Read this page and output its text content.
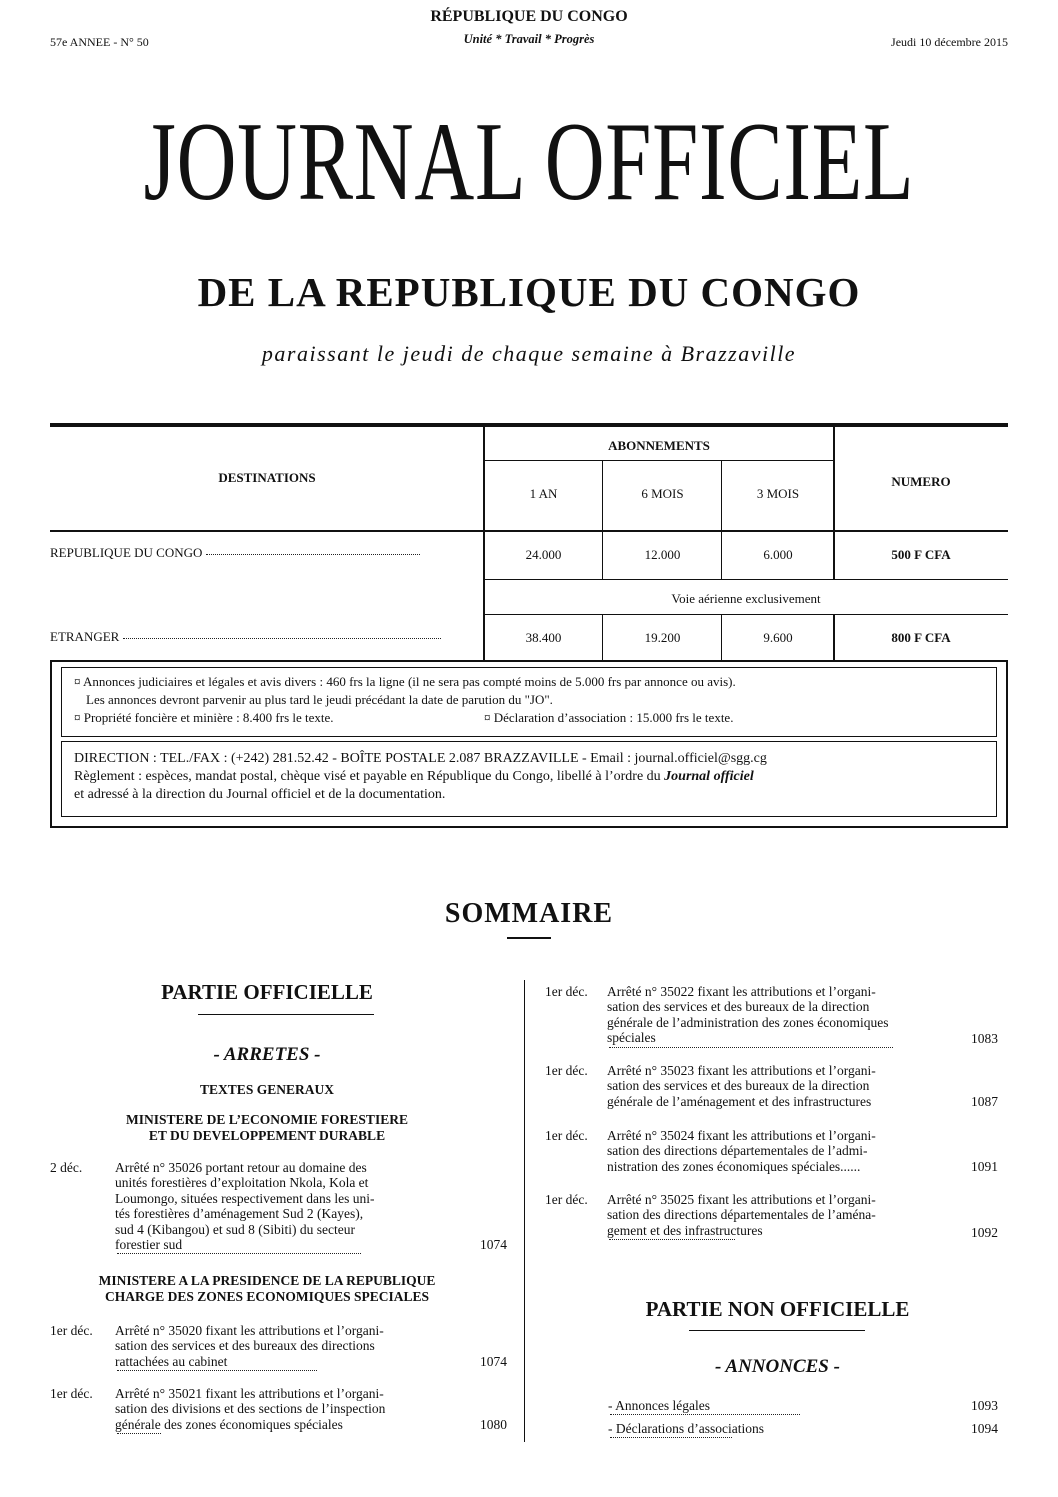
RÉPUBLIQUE DU CONGO
Unité * Travail * Progrès
57e ANNEE - N° 50	Jeudi 10 décembre 2015
JOURNAL OFFICIEL
DE LA REPUBLIQUE DU CONGO
paraissant le jeudi de chaque semaine à Brazzaville
DESTINATIONS
ABONNEMENTS
NUMERO
1 AN	6 MOIS	3 MOIS
REPUBLIQUE DU CONGO	24.000	12.000	6.000	500 F CFA
Voie aérienne exclusivement
ETRANGER	38.400	19.200	9.600	800 F CFA
¤ Annonces judiciaires et légales et avis divers : 460 frs la ligne (il ne sera pas compté moins de 5.000 frs par annonce ou avis).
Les annonces devront parvenir au plus tard le jeudi précédant la date de parution du "JO".
¤ Propriété foncière et minière : 8.400 frs le texte.	¤ Déclaration d’association : 15.000 frs le texte.
DIRECTION : TEL./FAX : (+242) 281.52.42 - BOÎTE POSTALE 2.087 BRAZZAVILLE - Email : journal.officiel@sgg.cg
Règlement : espèces, mandat postal, chèque visé et payable en République du Congo, libellé à l’ordre du Journal officiel
et adressé à la direction du Journal officiel et de la documentation.
SOMMAIRE
PARTIE OFFICIELLE
- ARRETES -
TEXTES GENERAUX
MINISTERE DE L’ECONOMIE FORESTIERE
ET DU DEVELOPPEMENT DURABLE
2 déc. Arrêté n° 35026 portant retour au domaine des
unités forestières d’exploitation Nkola, Kola et
Loumongo, situées respectivement dans les uni-
tés forestières d’aménagement Sud 2 (Kayes),
sud 4 (Kibangou) et sud 8 (Sibiti) du secteur
forestier sud	1074
MINISTERE A LA PRESIDENCE DE LA REPUBLIQUE
CHARGE DES ZONES ECONOMIQUES SPECIALES
1er déc. Arrêté n° 35020 fixant les attributions et l’organi-
sation des services et des bureaux des directions
rattachées au cabinet	1074
1er déc. Arrêté n° 35021 fixant les attributions et l’organi-
sation des divisions et des sections de l’inspection
générale des zones économiques spéciales	1080
1er déc. Arrêté n° 35022 fixant les attributions et l’organi-
sation des services et des bureaux de la direction
générale de l’administration des zones économiques
spéciales	1083
1er déc. Arrêté n° 35023 fixant les attributions et l’organi-
sation des services et des bureaux de la direction
générale de l’aménagement et des infrastructures	1087
1er déc. Arrêté n° 35024 fixant les attributions et l’organi-
sation des directions départementales de l’admi-
nistration des zones économiques spéciales......	1091
1er déc. Arrêté n° 35025 fixant les attributions et l’organi-
sation des directions départementales de l’aména-
gement et des infrastructures	1092
PARTIE NON OFFICIELLE
- ANNONCES -
- Annonces légales	1093
- Déclarations d’associations	1094
